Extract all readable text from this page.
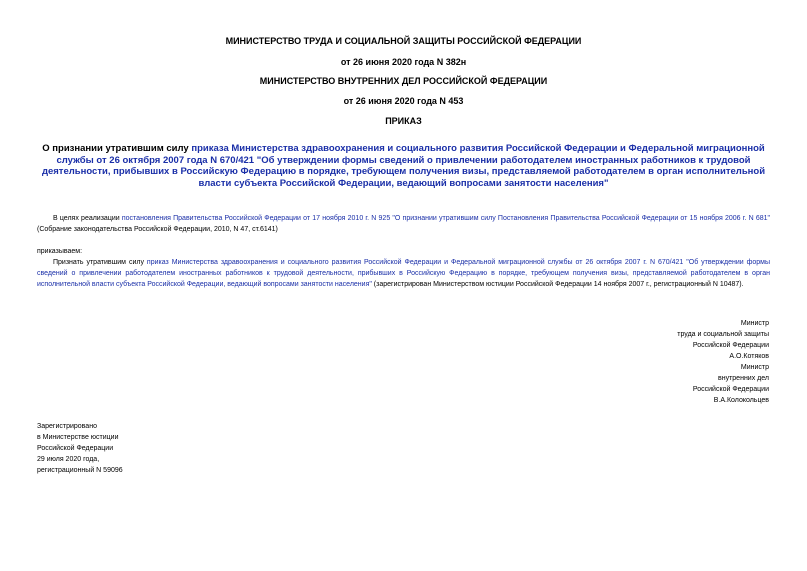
МИНИСТЕРСТВО ТРУДА И СОЦИАЛЬНОЙ ЗАЩИТЫ РОССИЙСКОЙ ФЕДЕРАЦИИ
от 26 июня 2020 года N 382н
МИНИСТЕРСТВО ВНУТРЕННИХ ДЕЛ РОССИЙСКОЙ ФЕДЕРАЦИИ
от 26 июня 2020 года N 453
ПРИКАЗ
О признании утратившим силу приказа Министерства здравоохранения и социального развития Российской Федерации и Федеральной миграционной службы от 26 октября 2007 года N 670/421 "Об утверждении формы сведений о привлечении работодателем иностранных работников к трудовой деятельности, прибывших в Российскую Федерацию в порядке, требующем получения визы, представляемой работодателем в орган исполнительной власти субъекта Российской Федерации, ведающий вопросами занятости населения"
В целях реализации постановления Правительства Российской Федерации от 17 ноября 2010 г. N 925 "О признании утратившим силу Постановления Правительства Российской Федерации от 15 ноября 2006 г. N 681" (Собрание законодательства Российской Федерации, 2010, N 47, ст.6141)
приказываем:
Признать утратившим силу приказ Министерства здравоохранения и социального развития Российской Федерации и Федеральной миграционной службы от 26 октября 2007 г. N 670/421 "Об утверждении формы сведений о привлечении работодателем иностранных работников к трудовой деятельности, прибывших в Российскую Федерацию в порядке, требующем получения визы, представляемой работодателем в орган исполнительной власти субъекта Российской Федерации, ведающий вопросами занятости населения" (зарегистрирован Министерством юстиции Российской Федерации 14 ноября 2007 г., регистрационный N 10487).
Министр
труда и социальной защиты
Российской Федерации
А.О.Котяков
Министр
внутренних дел
Российской Федерации
В.А.Колокольцев
Зарегистрировано
в Министерстве юстиции
Российской Федерации
29 июля 2020 года,
регистрационный N 59096
